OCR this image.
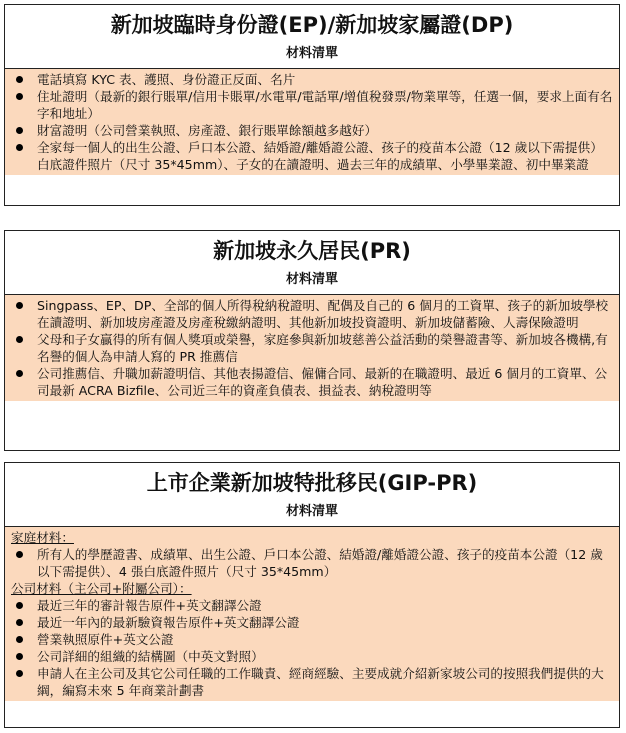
新加坡臨時身份證(EP)/新加坡家屬證(DP)
材料清單
電話填寫 KYC 表、護照、身份證正反面、名片
住址證明（最新的銀行賬單/信用卡賬單/水電單/電話單/增值稅發票/物業單等，任選一個，要求上面有名字和地址）
財富證明（公司營業執照、房產證、銀行賬單餘額越多越好）
全家每一個人的出生公證、戶口本公證、結婚證/離婚證公證、孩子的疫苗本公證（12 歲以下需提供）白底證件照片（尺寸 35*45mm）、子女的在讀證明、過去三年的成績單、小學畢業證、初中畢業證
新加坡永久居民(PR)
材料清單
Singpass、EP、DP、全部的個人所得稅納稅證明、配偶及自己的 6 個月的工資單、孩子的新加坡學校在讀證明、新加坡房產證及房產稅繳納證明、其他新加坡投資證明、新加坡儲蓄險、人壽保險證明
父母和子女贏得的所有個人獎項或榮譽，家庭參與新加坡慈善公益活動的榮譽證書等、新加坡各機構,有名譽的個人為申請人寫的 PR 推薦信
公司推薦信、升職加薪證明信、其他表揚證信、僱傭合同、最新的在職證明、最近 6 個月的工資單、公司最新 ACRA Bizfile、公司近三年的資產負債表、損益表、納稅證明等
上市企業新加坡特批移民(GIP-PR)
材料清單
家庭材料：
所有人的學歷證書、成績單、出生公證、戶口本公證、結婚證/離婚證公證、孩子的疫苗本公證（12 歲以下需提供）、4 張白底證件照片（尺寸 35*45mm）
公司材料（主公司+附屬公司）：
最近三年的審計報告原件+英文翻譯公證
最近一年內的最新驗資報告原件+英文翻譯公證
營業執照原件+英文公證
公司詳細的組織的結構圖（中英文對照）
申請人在主公司及其它公司任職的工作職責、經商經驗、主要成就介紹新家坡公司的按照我們提供的大綱，編寫未來 5 年商業計劃書
